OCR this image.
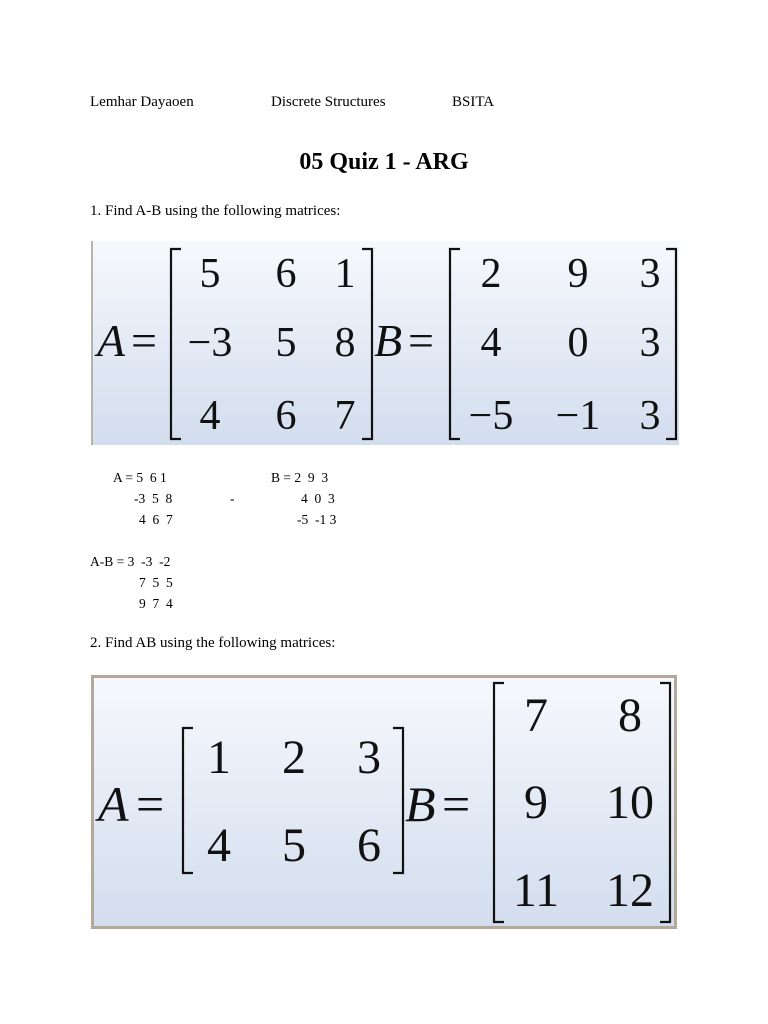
Lemhar Dayaoen	Discrete Structures	BSITA
05 Quiz 1 - ARG
1. Find A-B using the following matrices:
A =
5 6 1
−3 5 8
4 6 7
B =
2 9 3
4 0 3
−5 −1 3
A = 5  6 1
-3  5  8
4  6  7
-
B = 2  9  3
4  0  3
-5  -1 3
A-B = 3  -3  -2
7  5  5
9  7  4
2. Find AB using the following matrices:
A =
1 2 3
4 5 6
B =
7 8
9 10
11 12
